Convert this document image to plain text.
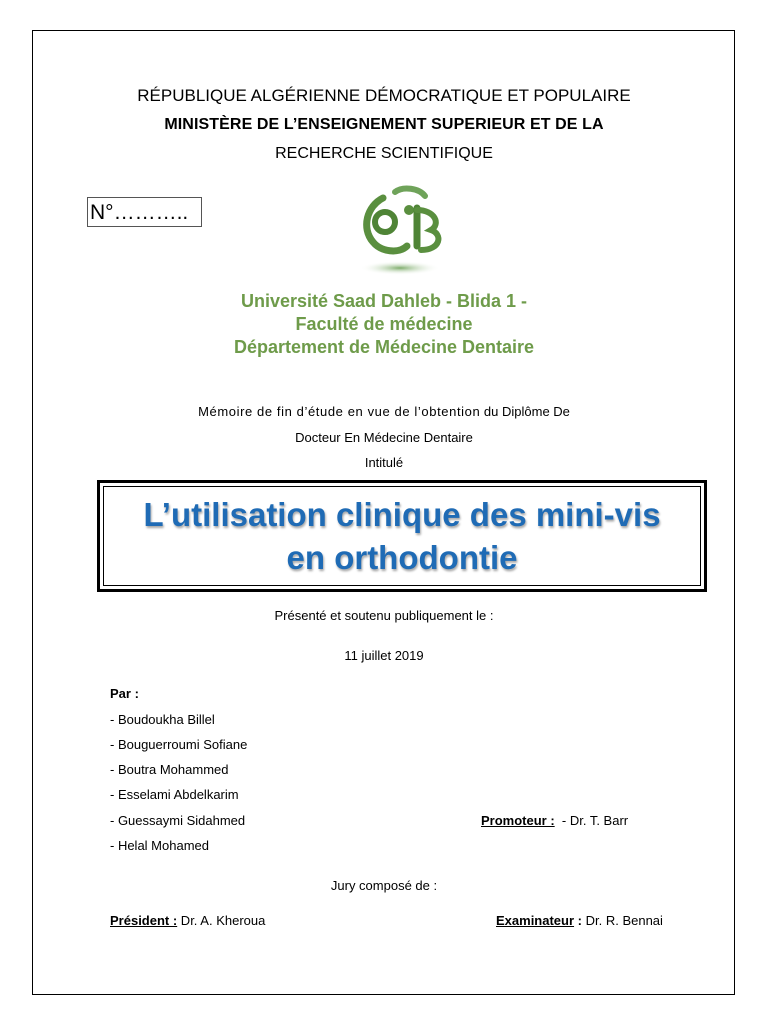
RÉPUBLIQUE ALGÉRIENNE DÉMOCRATIQUE ET POPULAIRE
MINISTÈRE DE L’ENSEIGNEMENT SUPERIEUR ET DE LA
RECHERCHE SCIENTIFIQUE
N°………..
Université Saad Dahleb - Blida 1 -
Faculté de médecine
Département de Médecine Dentaire
Mémoire de fin d’étude en vue de l’obtention du Diplôme De
Docteur En Médecine Dentaire
Intitulé
L’utilisation clinique des mini-vis
en orthodontie
Présenté et soutenu publiquement le :
11 juillet 2019
Par :
- Boudoukha Billel
- Bouguerroumi Sofiane
- Boutra Mohammed
- Esselami Abdelkarim
- Guessaymi Sidahmed
- Helal Mohamed
Promoteur :  - Dr. T. Barr
Jury composé de :
Président : Dr. A. Kheroua	Examinateur : Dr. R. Bennai
